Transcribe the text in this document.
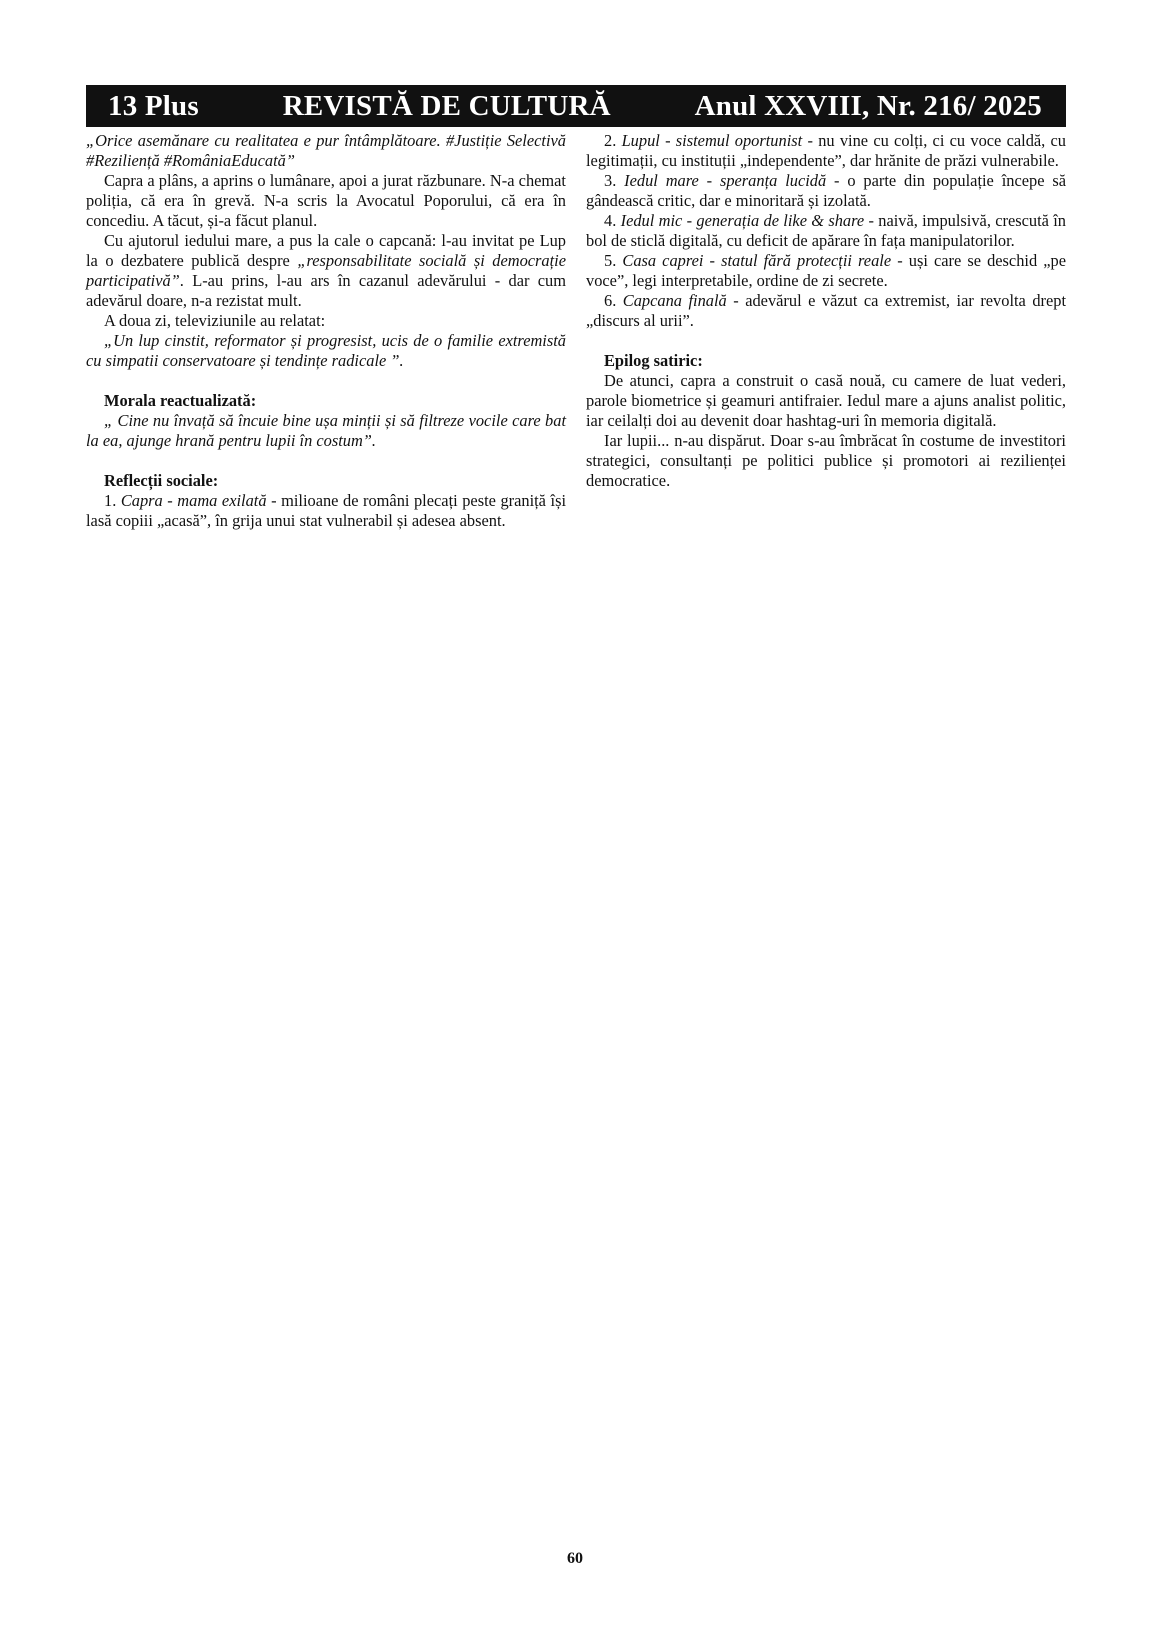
13 Plus	REVISTĂ DE CULTURĂ	Anul XXVIII, Nr. 216/ 2025

„Orice asemănare cu realitatea e pur întâmplătoare. #Justiție Selectivă #Reziliență #RomâniaEducată”

Capra a plâns, a aprins o lumânare, apoi a jurat răzbunare. N-a chemat poliția, că era în grevă. N-a scris la Avocatul Poporului, că era în concediu. A tăcut, și-a făcut planul.

Cu ajutorul iedului mare, a pus la cale o capcană: l-au invitat pe Lup la o dezbatere publică despre „responsabilitate socială și democrație participativă”. L-au prins, l-au ars în cazanul adevărului - dar cum adevărul doare, n-a rezistat mult.

A doua zi, televiziunile au relatat:

„Un lup cinstit, reformator și progresist, ucis de o familie extremistă cu simpatii conservatoare și tendințe radicale ”.

Morala reactualizată:

„ Cine nu învață să încuie bine ușa minții și să filtreze vocile care bat la ea, ajunge hrană pentru lupii în costum”.

Reflecții sociale:

1. Capra - mama exilată - milioane de români plecați peste graniță își lasă copiii „acasă”, în grija unui stat vulnerabil și adesea absent.

2. Lupul - sistemul oportunist - nu vine cu colți, ci cu voce caldă, cu legitimații, cu instituții „independente”, dar hrănite de prăzi vulnerabile.

3. Iedul mare - speranța lucidă - o parte din populație începe să gândească critic, dar e minoritară și izolată.

4. Iedul mic - generația de like & share - naivă, impulsivă, crescută în bol de sticlă digitală, cu deficit de apărare în fața manipulatorilor.

5. Casa caprei - statul fără protecții reale - uși care se deschid „pe voce”, legi interpretabile, ordine de zi secrete.

6. Capcana finală - adevărul e văzut ca extremist, iar revolta drept „discurs al urii”.

Epilog satiric:

De atunci, capra a construit o casă nouă, cu camere de luat vederi, parole biometrice și geamuri antifraier. Iedul mare a ajuns analist politic, iar ceilalți doi au devenit doar hashtag-uri în memoria digitală.

Iar lupii... n-au dispărut. Doar s-au îmbrăcat în costume de investitori strategici, consultanți pe politici publice și promotori ai rezilienței democratice.

60
